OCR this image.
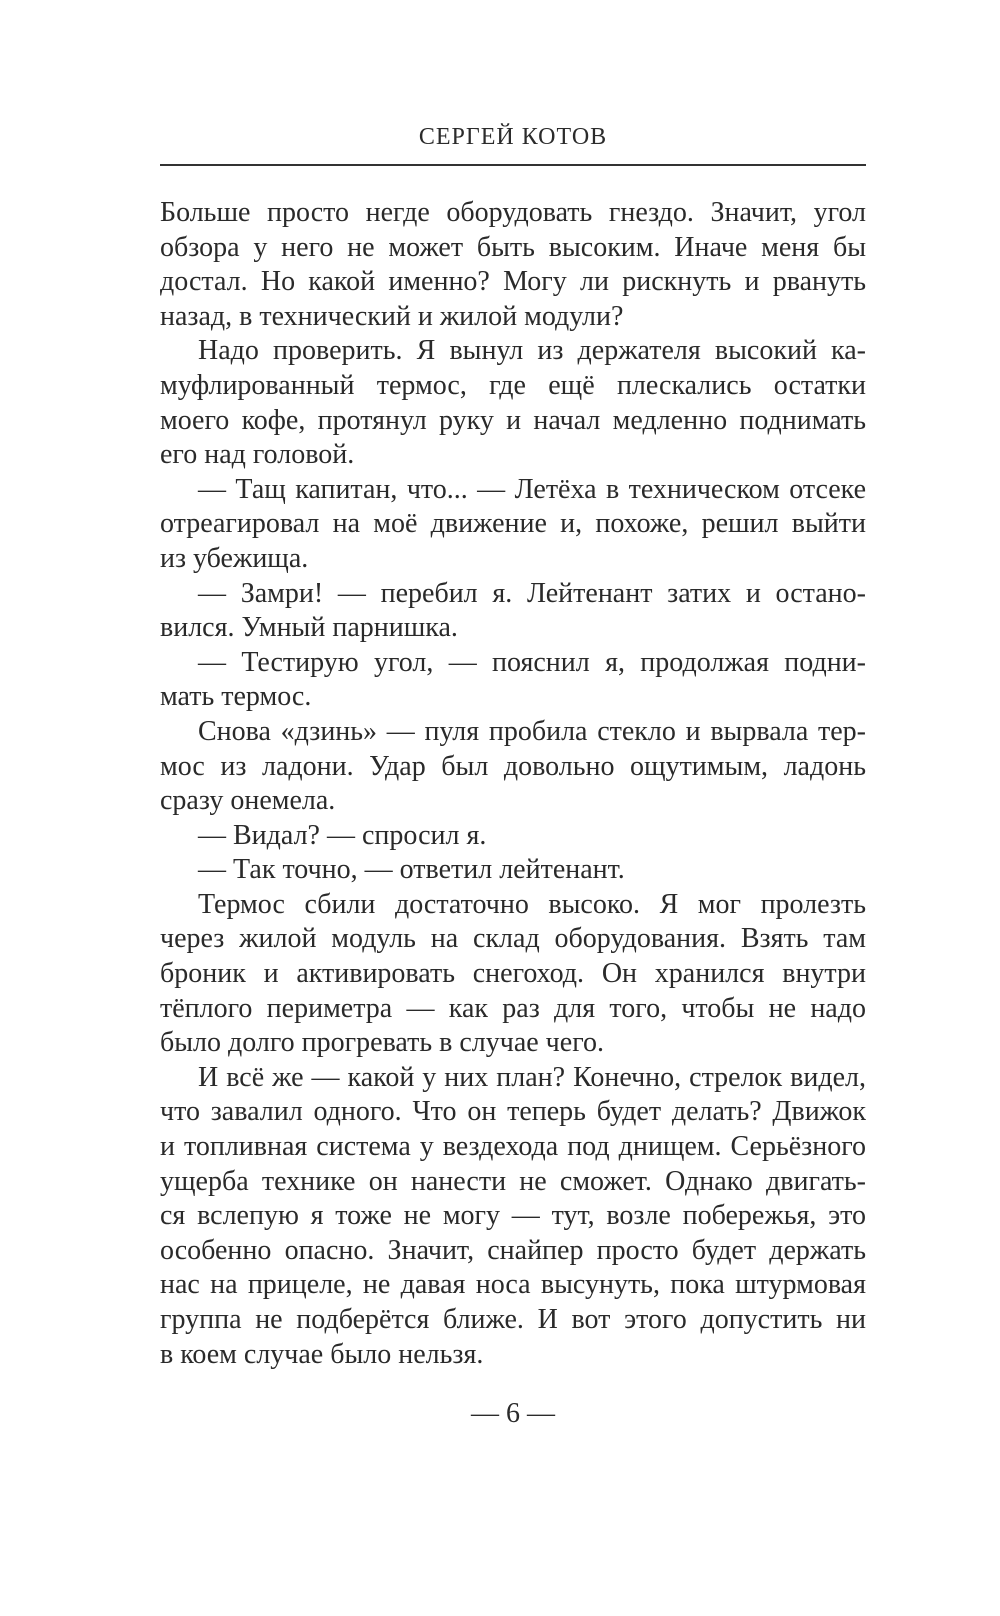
СЕРГЕЙ КОТОВ
Больше просто негде оборудовать гнездо. Значит, угол
обзора у него не может быть высоким. Иначе меня бы
достал. Но какой именно? Могу ли рискнуть и рвануть
назад, в технический и жилой модули?
Надо проверить. Я вынул из держателя высокий ка-
муфлированный термос, где ещё плескались остатки
моего кофе, протянул руку и начал медленно поднимать
его над головой.
— Тащ капитан, что... — Летёха в техническом отсеке
отреагировал на моё движение и, похоже, решил выйти
из убежища.
— Замри! — перебил я. Лейтенант затих и остано-
вился. Умный парнишка.
— Тестирую угол, — пояснил я, продолжая подни-
мать термос.
Снова «дзинь» — пуля пробила стекло и вырвала тер-
мос из ладони. Удар был довольно ощутимым, ладонь
сразу онемела.
— Видал? — спросил я.
— Так точно, — ответил лейтенант.
Термос сбили достаточно высоко. Я мог пролезть
через жилой модуль на склад оборудования. Взять там
броник и активировать снегоход. Он хранился внутри
тёплого периметра — как раз для того, чтобы не надо
было долго прогревать в случае чего.
И всё же — какой у них план? Конечно, стрелок видел,
что завалил одного. Что он теперь будет делать? Движок
и топливная система у вездехода под днищем. Серьёзного
ущерба технике он нанести не сможет. Однако двигать-
ся вслепую я тоже не могу — тут, возле побережья, это
особенно опасно. Значит, снайпер просто будет держать
нас на прицеле, не давая носа высунуть, пока штурмовая
группа не подберётся ближе. И вот этого допустить ни
в коем случае было нельзя.
— 6 —
